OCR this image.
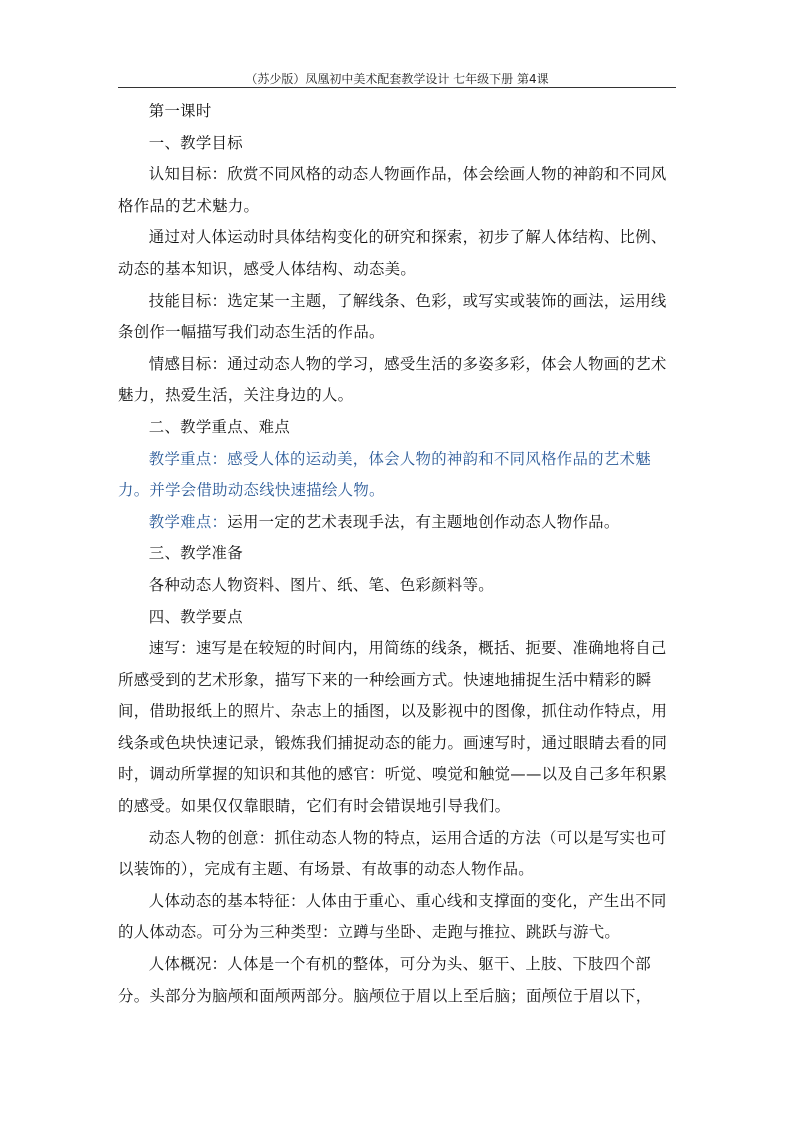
（苏少版）凤凰初中美术配套教学设计 七年级下册 第4课

第一课时

一、教学目标

认知目标：欣赏不同风格的动态人物画作品，体会绘画人物的神韵和不同风格作品的艺术魅力。

通过对人体运动时具体结构变化的研究和探索，初步了解人体结构、比例、动态的基本知识，感受人体结构、动态美。

技能目标：选定某一主题，了解线条、色彩，或写实或装饰的画法，运用线条创作一幅描写我们动态生活的作品。

情感目标：通过动态人物的学习，感受生活的多姿多彩，体会人物画的艺术魅力，热爱生活，关注身边的人。

二、教学重点、难点

教学重点：感受人体的运动美，体会人物的神韵和不同风格作品的艺术魅力。并学会借助动态线快速描绘人物。

教学难点：运用一定的艺术表现手法，有主题地创作动态人物作品。

三、教学准备

各种动态人物资料、图片、纸、笔、色彩颜料等。

四、教学要点

速写：速写是在较短的时间内，用简练的线条，概括、扼要、准确地将自己所感受到的艺术形象，描写下来的一种绘画方式。快速地捕捉生活中精彩的瞬间，借助报纸上的照片、杂志上的插图，以及影视中的图像，抓住动作特点，用线条或色块快速记录，锻炼我们捕捉动态的能力。画速写时，通过眼睛去看的同时，调动所掌握的知识和其他的感官：听觉、嗅觉和触觉——以及自己多年积累的感受。如果仅仅靠眼睛，它们有时会错误地引导我们。

动态人物的创意：抓住动态人物的特点，运用合适的方法（可以是写实也可以装饰的），完成有主题、有场景、有故事的动态人物作品。

人体动态的基本特征：人体由于重心、重心线和支撑面的变化，产生出不同的人体动态。可分为三种类型：立蹲与坐卧、走跑与推拉、跳跃与游弋。

人体概况：人体是一个有机的整体，可分为头、躯干、上肢、下肢四个部分。头部分为脑颅和面颅两部分。脑颅位于眉以上至后脑；面颅位于眉以下，
